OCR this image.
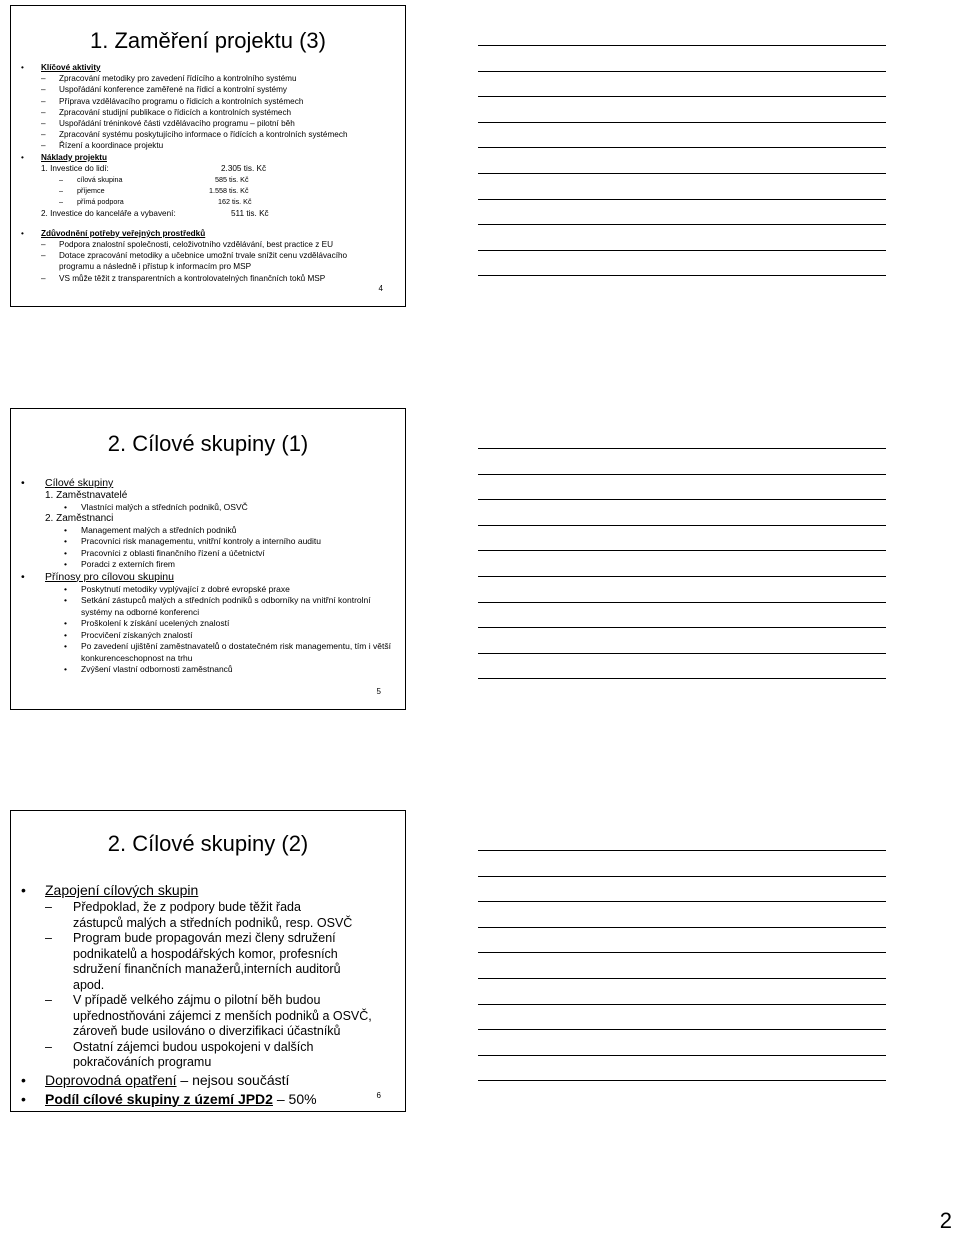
1. Zaměření projektu (3)
• Klíčové aktivity
– Zpracování metodiky pro zavedení řídícího a kontrolního systému
– Uspořádání konference zaměřené na řídicí a kontrolní systémy
– Příprava vzdělávacího programu o řídicích a kontrolních systémech
– Zpracování studijní publikace o řídicích a kontrolních systémech
– Uspořádání tréninkové části vzdělávacího programu – pilotní běh
– Zpracování systému poskytujícího informace o řídících a kontrolních systémech
– Řízení a koordinace projektu
• Náklady projektu
1. Investice do lidí:	2.305 tis. Kč
– cílová skupina	585 tis. Kč
– příjemce	1.558 tis. Kč
– přímá podpora	162 tis. Kč
2. Investice do kanceláře a vybavení:	511 tis. Kč
• Zdůvodnění potřeby veřejných prostředků
– Podpora znalostní společnosti, celoživotního vzdělávání, best practice z EU
– Dotace zpracování metodiky a učebnice umožní trvale snížit cenu vzdělávacího programu a následně i přístup k informacím pro MSP
– VS může těžit z transparentních a kontrolovatelných finančních toků MSP
4
2. Cílové skupiny (1)
• Cílové skupiny
1. Zaměstnavatelé
• Vlastníci malých a středních podniků, OSVČ
2. Zaměstnanci
• Management malých a středních podniků
• Pracovníci risk managementu, vnitřní kontroly a interního auditu
• Pracovníci z oblasti finančního řízení a účetnictví
• Poradci z externích firem
• Přínosy pro cílovou skupinu
• Poskytnutí metodiky vyplývající z dobré evropské praxe
• Setkání zástupců malých a středních podniků s odborníky na vnitřní kontrolní systémy na odborné konferenci
• Proškolení k získání ucelených znalostí
• Procvičení získaných znalostí
• Po zavedení ujištění zaměstnavatelů o dostatečném risk managementu, tím i větší konkurenceschopnost na trhu
• Zvýšení vlastní odbornosti zaměstnanců
5
2. Cílové skupiny (2)
• Zapojení cílových skupin
– Předpoklad, že z podpory bude těžit řada zástupců malých a středních podniků, resp. OSVČ
– Program bude propagován mezi členy sdružení podnikatelů a hospodářských komor, profesních sdružení finančních manažerů,interních auditorů apod.
– V případě velkého zájmu o pilotní běh budou upřednostňováni zájemci z menších podniků a OSVČ, zároveň bude usilováno o diverzifikaci účastníků
– Ostatní zájemci budou uspokojeni v dalších pokračováních programu
• Doprovodná opatření – nejsou součástí
• Podíl cílové skupiny z území JPD2 – 50%	6
2
